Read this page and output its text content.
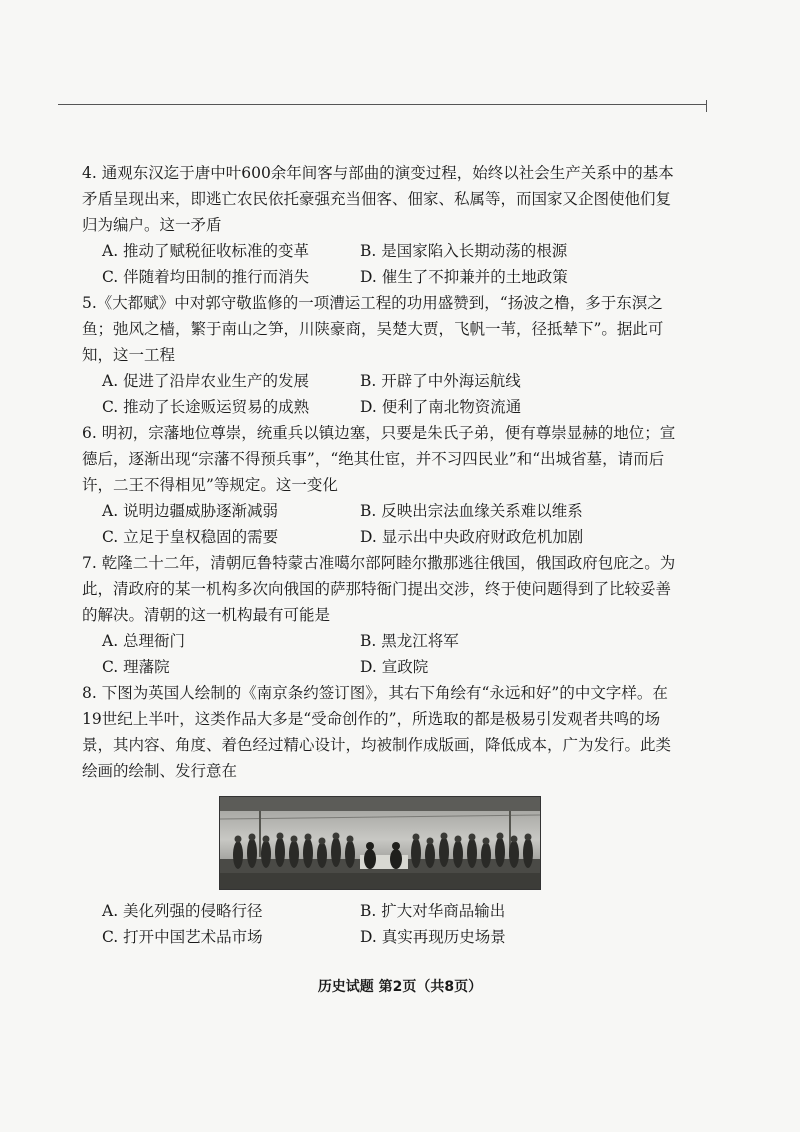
4. 通观东汉迄于唐中叶600余年间客与部曲的演变过程，始终以社会生产关系中的基本矛盾呈现出来，即逃亡农民依托豪强充当佃客、佃家、私属等，而国家又企图使他们复归为编户。这一矛盾
A. 推动了赋税征收标准的变革	B. 是国家陷入长期动荡的根源
C. 伴随着均田制的推行而消失	D. 催生了不抑兼并的土地政策
5.《大都赋》中对郭守敬监修的一项漕运工程的功用盛赞到，“扬波之橹，多于东溟之鱼；弛风之樯，繁于南山之笋，川陕豪商，吴楚大贾，飞帆一苇，径抵辇下”。据此可知，这一工程
A. 促进了沿岸农业生产的发展	B. 开辟了中外海运航线
C. 推动了长途贩运贸易的成熟	D. 便利了南北物资流通
6. 明初，宗藩地位尊崇，统重兵以镇边塞，只要是朱氏子弟，便有尊崇显赫的地位；宣德后，逐渐出现“宗藩不得预兵事”，“绝其仕宦，并不习四民业”和“出城省墓，请而后许，二王不得相见”等规定。这一变化
A. 说明边疆威胁逐渐减弱	B. 反映出宗法血缘关系难以维系
C. 立足于皇权稳固的需要	D. 显示出中央政府财政危机加剧
7. 乾隆二十二年，清朝厄鲁特蒙古准噶尔部阿睦尔撒那逃往俄国，俄国政府包庇之。为此，清政府的某一机构多次向俄国的萨那特衙门提出交涉，终于使问题得到了比较妥善的解决。清朝的这一机构最有可能是
A. 总理衙门	B. 黑龙江将军
C. 理藩院	D. 宣政院
8. 下图为英国人绘制的《南京条约签订图》，其右下角绘有“永远和好”的中文字样。在19世纪上半叶，这类作品大多是“受命创作的”，所选取的都是极易引发观者共鸣的场景，其内容、角度、着色经过精心设计，均被制作成版画，降低成本，广为发行。此类绘画的绘制、发行意在
A. 美化列强的侵略行径	B. 扩大对华商品输出
C. 打开中国艺术品市场	D. 真实再现历史场景
历史试题 第2页（共8页）
